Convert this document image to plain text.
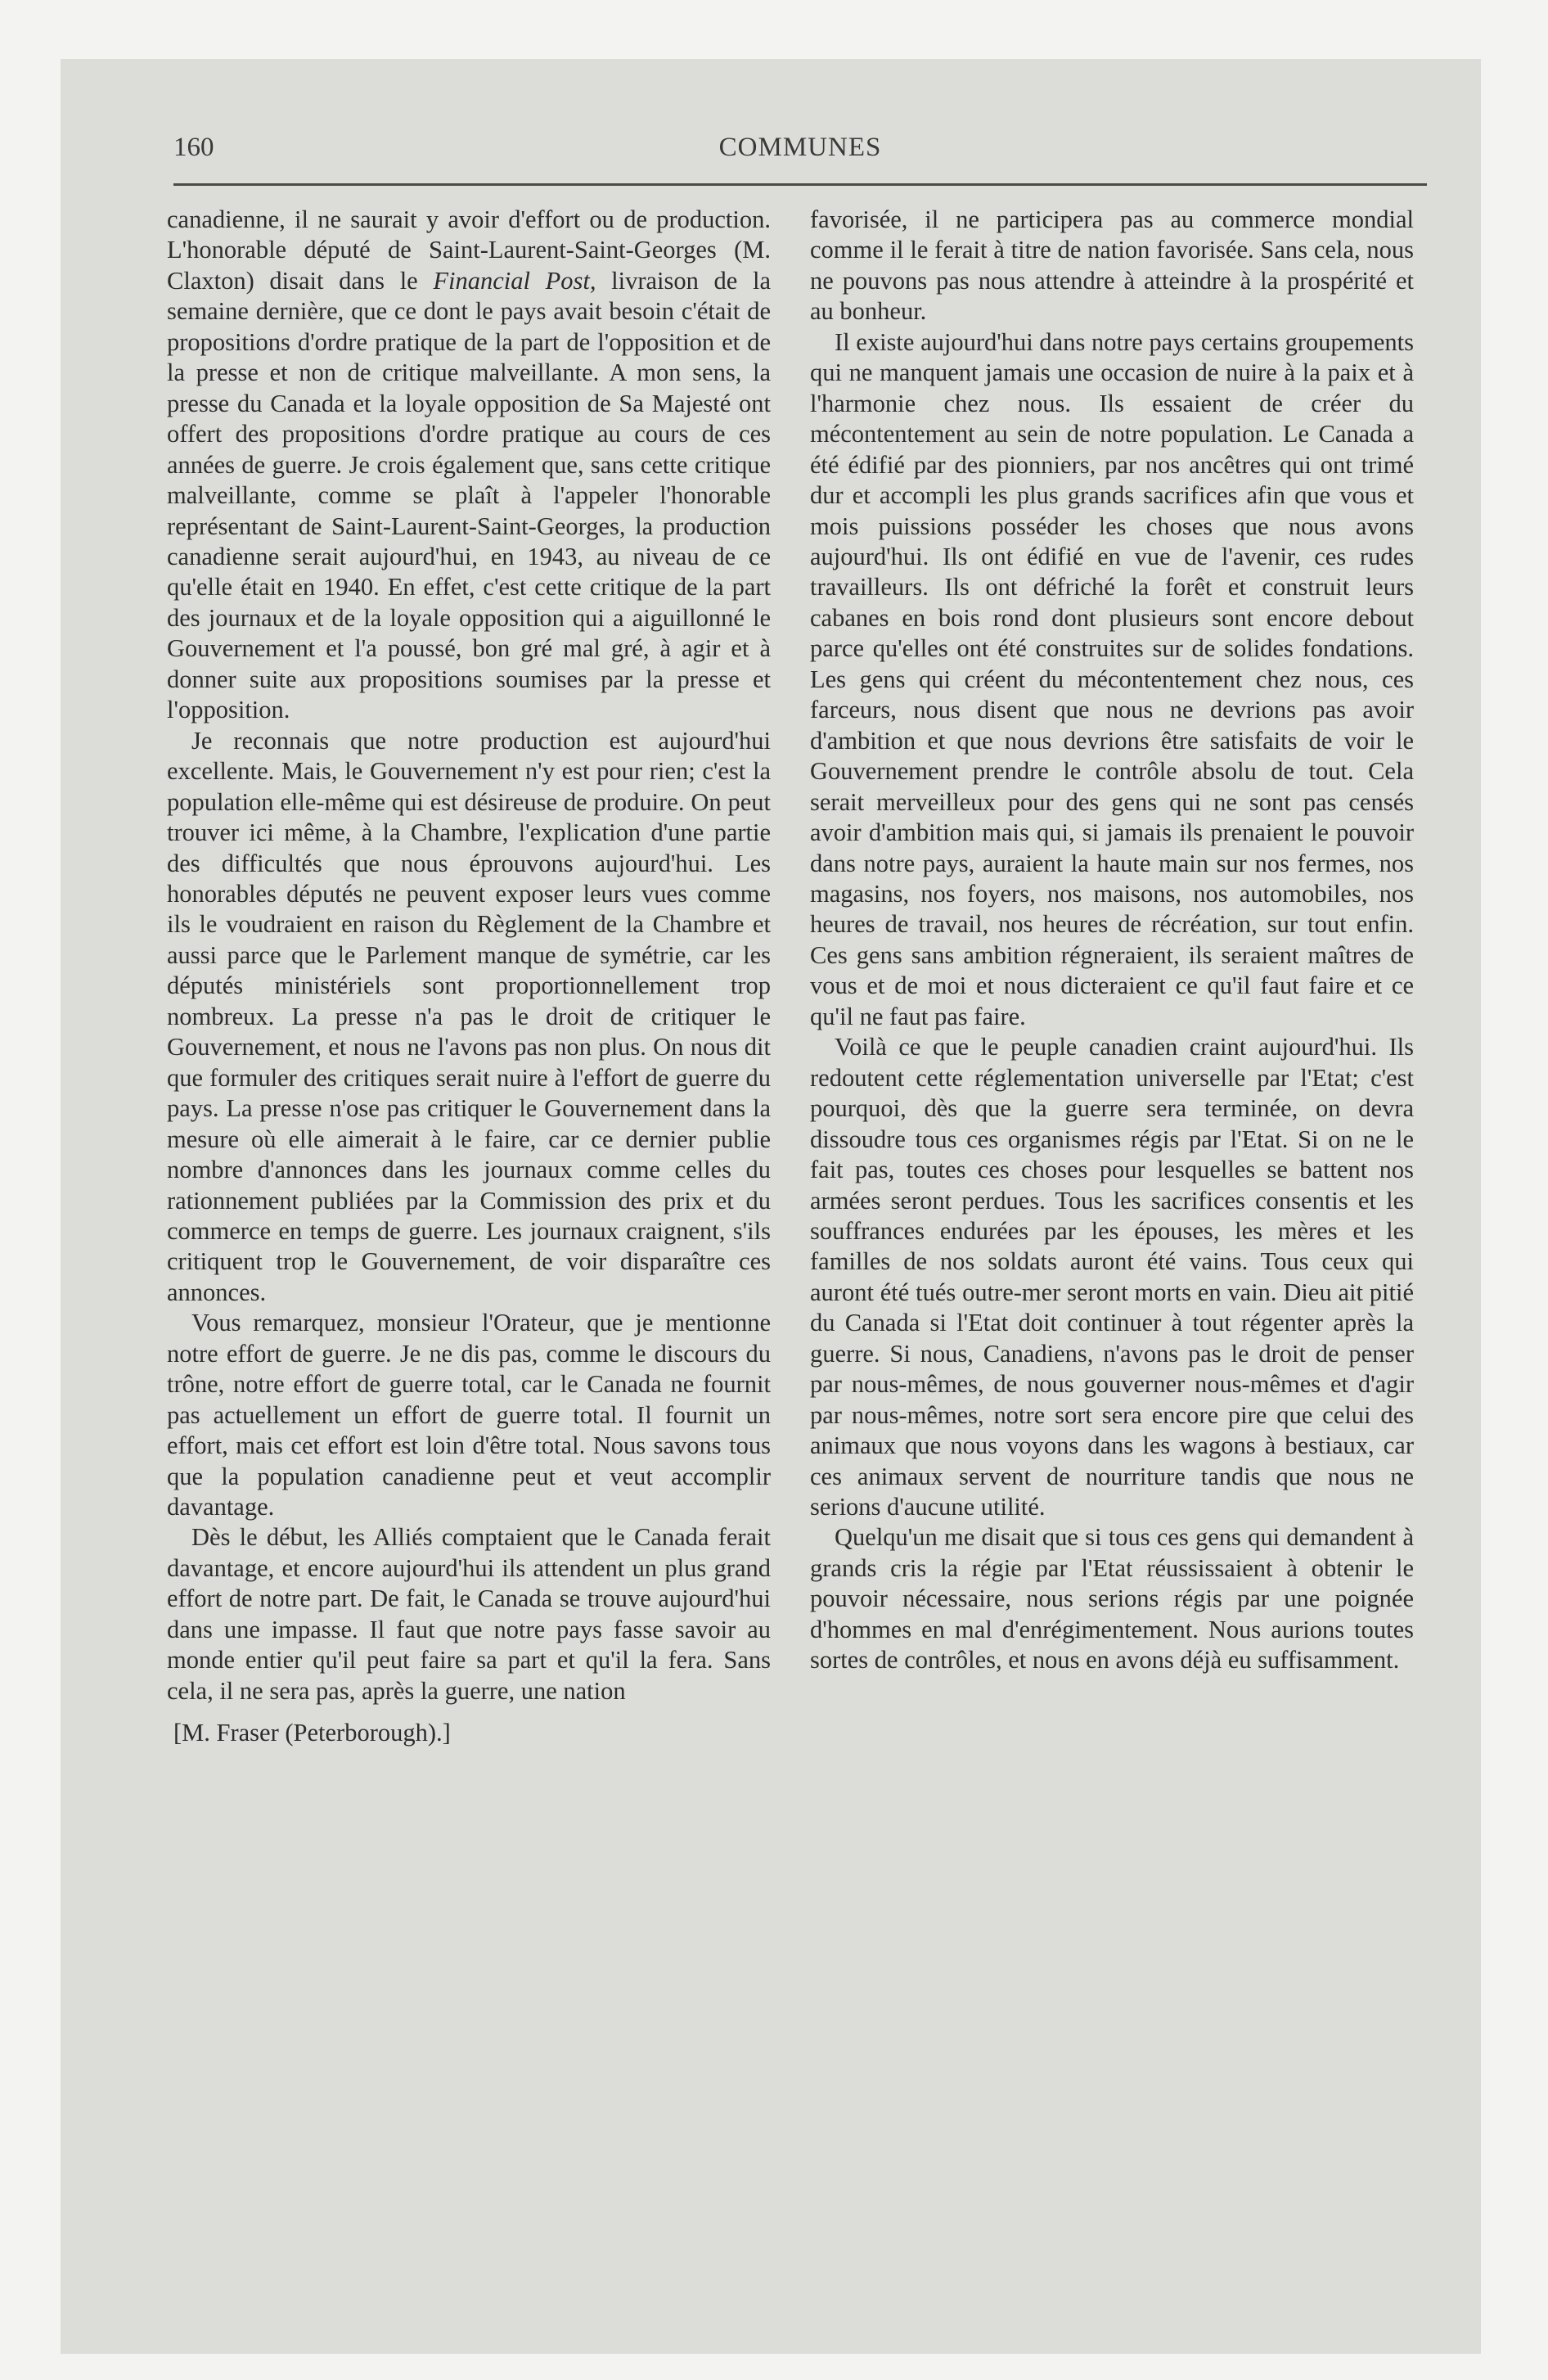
160	COMMUNES

canadienne, il ne saurait y avoir d'effort ou de production. L'honorable député de Saint-Laurent-Saint-Georges (M. Claxton) disait dans le Financial Post, livraison de la semaine dernière, que ce dont le pays avait besoin c'était de propositions d'ordre pratique de la part de l'opposition et de la presse et non de critique malveillante. A mon sens, la presse du Canada et la loyale opposition de Sa Majesté ont offert des propositions d'ordre pratique au cours de ces années de guerre. Je crois également que, sans cette critique malveillante, comme se plaît à l'appeler l'honorable représentant de Saint-Laurent-Saint-Georges, la production canadienne serait aujourd'hui, en 1943, au niveau de ce qu'elle était en 1940. En effet, c'est cette critique de la part des journaux et de la loyale opposition qui a aiguillonné le Gouvernement et l'a poussé, bon gré mal gré, à agir et à donner suite aux propositions soumises par la presse et l'opposition.

Je reconnais que notre production est aujourd'hui excellente. Mais, le Gouvernement n'y est pour rien; c'est la population elle-même qui est désireuse de produire. On peut trouver ici même, à la Chambre, l'explication d'une partie des difficultés que nous éprouvons aujourd'hui. Les honorables députés ne peuvent exposer leurs vues comme ils le voudraient en raison du Règlement de la Chambre et aussi parce que le Parlement manque de symétrie, car les députés ministériels sont proportionnellement trop nombreux. La presse n'a pas le droit de critiquer le Gouvernement, et nous ne l'avons pas non plus. On nous dit que formuler des critiques serait nuire à l'effort de guerre du pays. La presse n'ose pas critiquer le Gouvernement dans la mesure où elle aimerait à le faire, car ce dernier publie nombre d'annonces dans les journaux comme celles du rationnement publiées par la Commission des prix et du commerce en temps de guerre. Les journaux craignent, s'ils critiquent trop le Gouvernement, de voir disparaître ces annonces.

Vous remarquez, monsieur l'Orateur, que je mentionne notre effort de guerre. Je ne dis pas, comme le discours du trône, notre effort de guerre total, car le Canada ne fournit pas actuellement un effort de guerre total. Il fournit un effort, mais cet effort est loin d'être total. Nous savons tous que la population canadienne peut et veut accomplir davantage.

Dès le début, les Alliés comptaient que le Canada ferait davantage, et encore aujourd'hui ils attendent un plus grand effort de notre part. De fait, le Canada se trouve aujourd'hui dans une impasse. Il faut que notre pays fasse savoir au monde entier qu'il peut faire sa part et qu'il la fera. Sans cela, il ne sera pas, après la guerre, une nation

[M. Fraser (Peterborough).]

favorisée, il ne participera pas au commerce mondial comme il le ferait à titre de nation favorisée. Sans cela, nous ne pouvons pas nous attendre à atteindre à la prospérité et au bonheur.

Il existe aujourd'hui dans notre pays certains groupements qui ne manquent jamais une occasion de nuire à la paix et à l'harmonie chez nous. Ils essaient de créer du mécontentement au sein de notre population. Le Canada a été édifié par des pionniers, par nos ancêtres qui ont trimé dur et accompli les plus grands sacrifices afin que vous et mois puissions posséder les choses que nous avons aujourd'hui. Ils ont édifié en vue de l'avenir, ces rudes travailleurs. Ils ont défriché la forêt et construit leurs cabanes en bois rond dont plusieurs sont encore debout parce qu'elles ont été construites sur de solides fondations. Les gens qui créent du mécontentement chez nous, ces farceurs, nous disent que nous ne devrions pas avoir d'ambition et que nous devrions être satisfaits de voir le Gouvernement prendre le contrôle absolu de tout. Cela serait merveilleux pour des gens qui ne sont pas censés avoir d'ambition mais qui, si jamais ils prenaient le pouvoir dans notre pays, auraient la haute main sur nos fermes, nos magasins, nos foyers, nos maisons, nos automobiles, nos heures de travail, nos heures de récréation, sur tout enfin. Ces gens sans ambition régneraient, ils seraient maîtres de vous et de moi et nous dicteraient ce qu'il faut faire et ce qu'il ne faut pas faire.

Voilà ce que le peuple canadien craint aujourd'hui. Ils redoutent cette réglementation universelle par l'Etat; c'est pourquoi, dès que la guerre sera terminée, on devra dissoudre tous ces organismes régis par l'Etat. Si on ne le fait pas, toutes ces choses pour lesquelles se battent nos armées seront perdues. Tous les sacrifices consentis et les souffrances endurées par les épouses, les mères et les familles de nos soldats auront été vains. Tous ceux qui auront été tués outre-mer seront morts en vain. Dieu ait pitié du Canada si l'Etat doit continuer à tout régenter après la guerre. Si nous, Canadiens, n'avons pas le droit de penser par nous-mêmes, de nous gouverner nous-mêmes et d'agir par nous-mêmes, notre sort sera encore pire que celui des animaux que nous voyons dans les wagons à bestiaux, car ces animaux servent de nourriture tandis que nous ne serions d'aucune utilité.

Quelqu'un me disait que si tous ces gens qui demandent à grands cris la régie par l'Etat réussissaient à obtenir le pouvoir nécessaire, nous serions régis par une poignée d'hommes en mal d'enrégimentement. Nous aurions toutes sortes de contrôles, et nous en avons déjà eu suffisamment.
